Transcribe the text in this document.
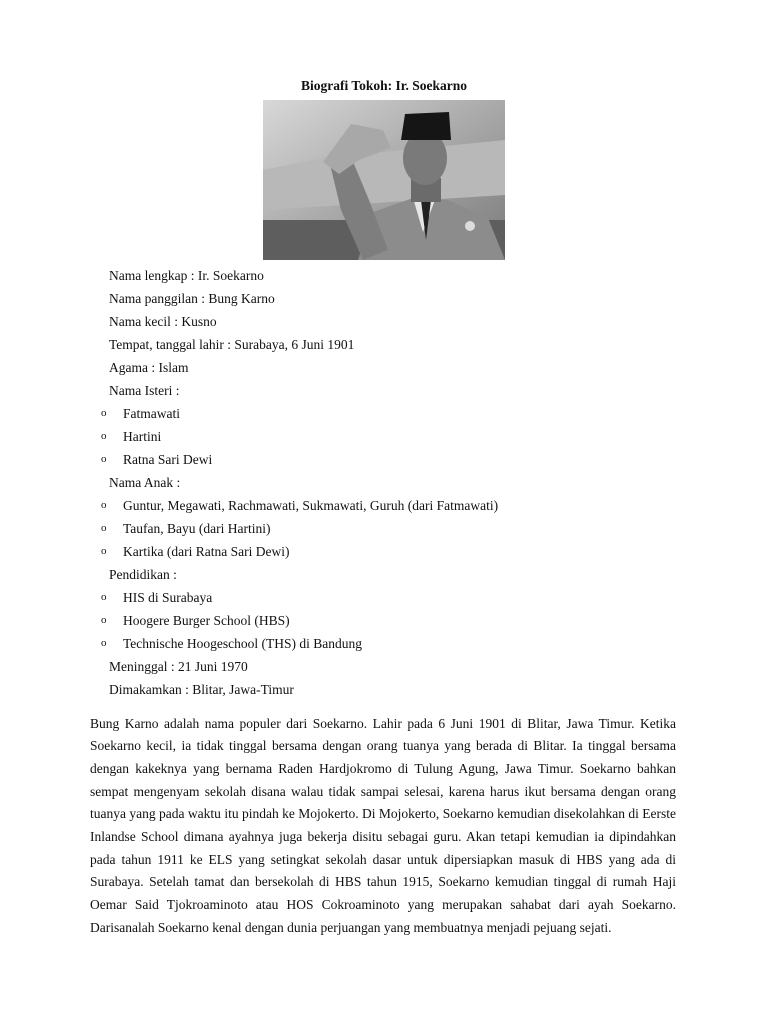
Biografi Tokoh: Ir. Soekarno
Nama lengkap : Ir. Soekarno
Nama panggilan : Bung Karno
Nama kecil : Kusno
Tempat, tanggal lahir : Surabaya, 6 Juni 1901
Agama : Islam
Nama Isteri :
o Fatmawati
o Hartini
o Ratna Sari Dewi
Nama Anak :
o Guntur, Megawati, Rachmawati, Sukmawati, Guruh (dari Fatmawati)
o Taufan, Bayu (dari Hartini)
o Kartika (dari Ratna Sari Dewi)
Pendidikan :
o HIS di Surabaya
o Hoogere Burger School (HBS)
o Technische Hoogeschool (THS) di Bandung
Meninggal : 21 Juni 1970
Dimakamkan : Blitar, Jawa-Timur

Bung Karno adalah nama populer dari Soekarno. Lahir pada 6 Juni 1901 di Blitar, Jawa Timur. Ketika Soekarno kecil, ia tidak tinggal bersama dengan orang tuanya yang berada di Blitar. Ia tinggal bersama dengan kakeknya yang bernama Raden Hardjokromo di Tulung Agung, Jawa Timur. Soekarno bahkan sempat mengenyam sekolah disana walau tidak sampai selesai, karena harus ikut bersama dengan orang tuanya yang pada waktu itu pindah ke Mojokerto. Di Mojokerto, Soekarno kemudian disekolahkan di Eerste Inlandse School dimana ayahnya juga bekerja disitu sebagai guru. Akan tetapi kemudian ia dipindahkan pada tahun 1911 ke ELS yang setingkat sekolah dasar untuk dipersiapkan masuk di HBS yang ada di Surabaya. Setelah tamat dan bersekolah di HBS tahun 1915, Soekarno kemudian tinggal di rumah Haji Oemar Said Tjokroaminoto atau HOS Cokroaminoto yang merupakan sahabat dari ayah Soekarno. Darisanalah Soekarno kenal dengan dunia perjuangan yang membuatnya menjadi pejuang sejati.
